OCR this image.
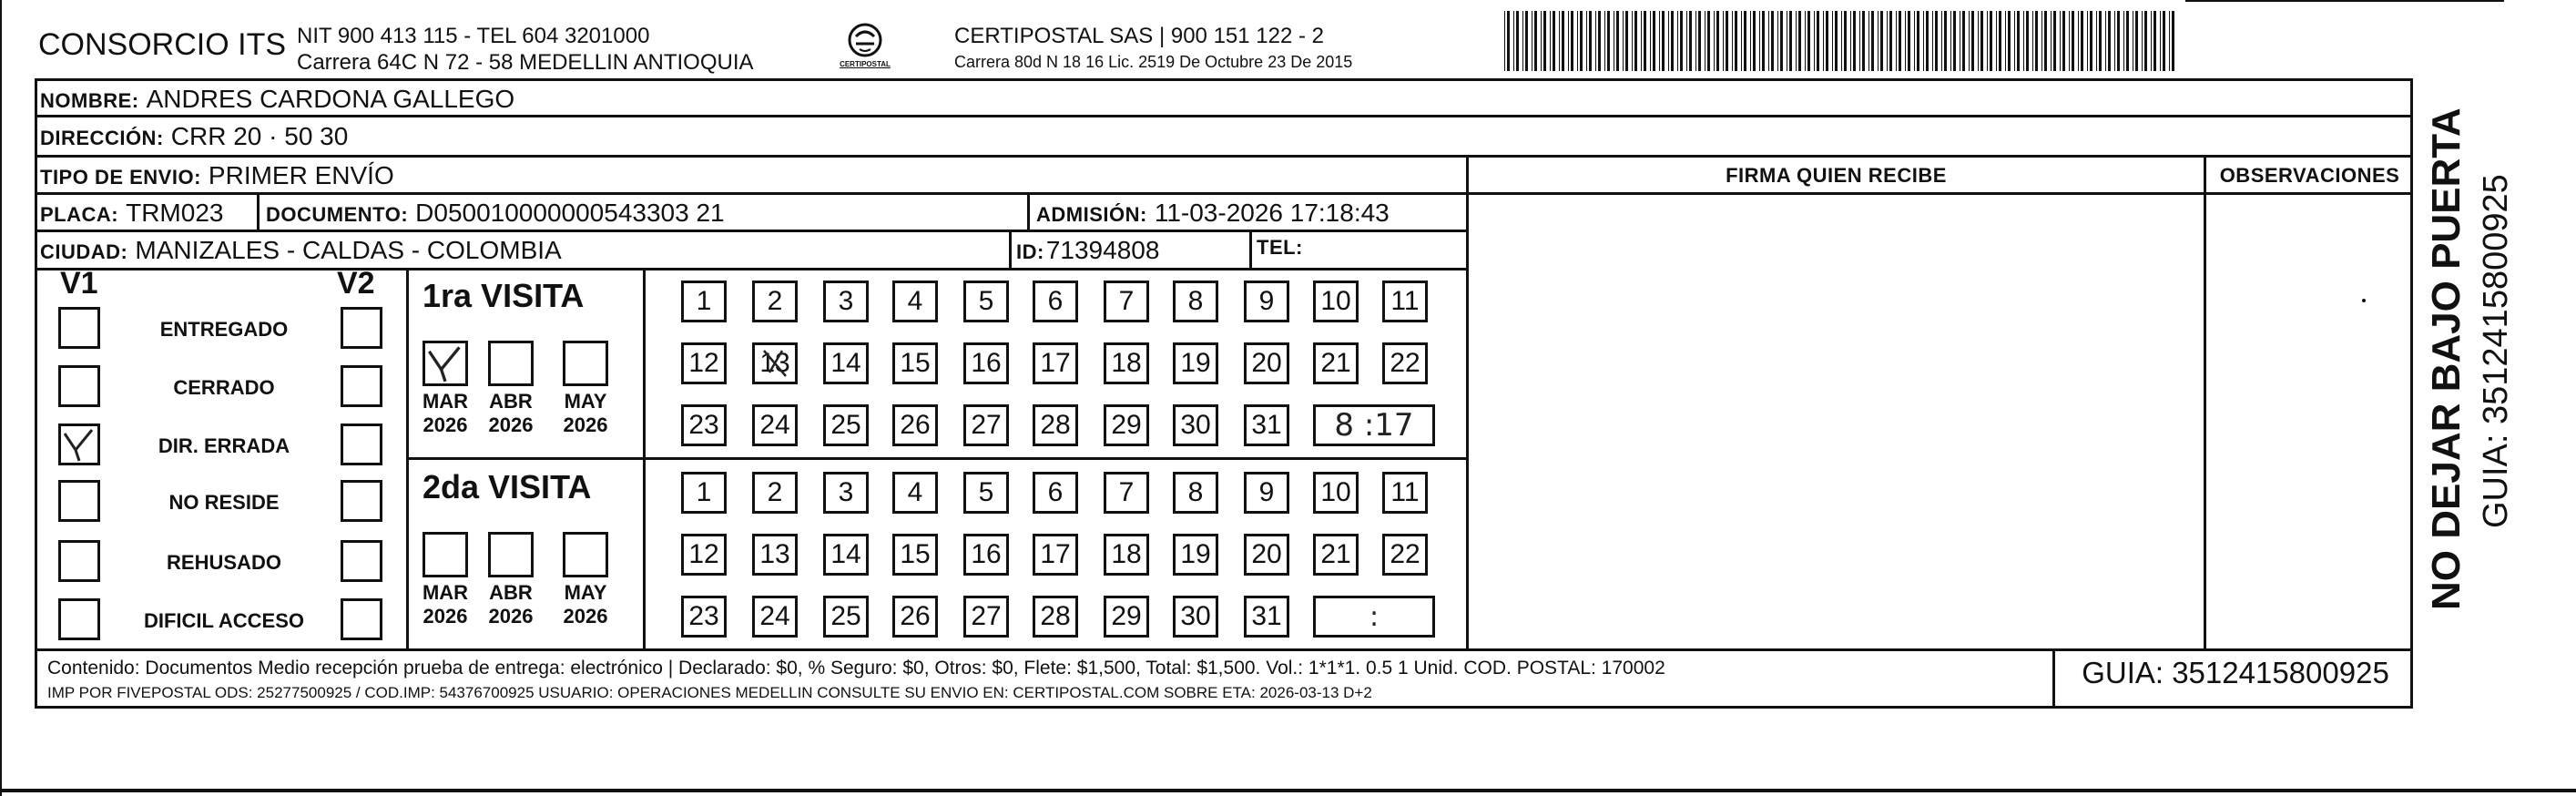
CONSORCIO ITS NIT 900 413 115 - TEL 604 3201000
Carrera 64C N 72 - 58 MEDELLIN ANTIOQUIA	CERTIPOSTAL
CERTIPOSTAL SAS | 900 151 122 - 2
Carrera 80d N 18 16 Lic. 2519 De Octubre 23 De 2015
NOMBRE: ANDRES CARDONA GALLEGO
DIRECCIÓN: CRR 20 · 50 30
TIPO DE ENVIO: PRIMER ENVÍO
PLACA: TRM023 DOCUMENTO: D050010000000543303 21	ADMISIÓN: 11-03-2026 17:18:43
CIUDAD: MANIZALES - CALDAS - COLOMBIA	ID: 71394808	TEL:
FIRMA QUIEN RECIBE	OBSERVACIONES
V1	V2
ENTREGADO
CERRADO
DIR. ERRADA
NO RESIDE
REHUSADO
DIFICIL ACCESO
1ra VISITA
MAR
2026
ABR
2026
MAY
2026
1 2 3 4 5 6 7 8 9 10 11
12 13 14 15 16 17 18 19 20 21 22
23 24 25 26 27 28 29 30 31 8 :17
2da VISITA
MAR
2026
ABR
2026
MAY
2026
1 2 3 4 5 6 7 8 9 10 11
12 13 14 15 16 17 18 19 20 21 22
23 24 25 26 27 28 29 30 31	:
Contenido: Documentos Medio recepción prueba de entrega: electrónico | Declarado: $0, % Seguro: $0, Otros: $0, Flete: $1,500, Total: $1,500. Vol.: 1*1*1. 0.5 1 Unid. COD. POSTAL: 170002
IMP POR FIVEPOSTAL ODS: 25277500925 / COD.IMP: 54376700925 USUARIO: OPERACIONES MEDELLIN CONSULTE SU ENVIO EN: CERTIPOSTAL.COM SOBRE ETA: 2026-03-13 D+2
GUIA: 3512415800925
NO DEJAR BAJO PUERTA GUIA: 3512415800925
